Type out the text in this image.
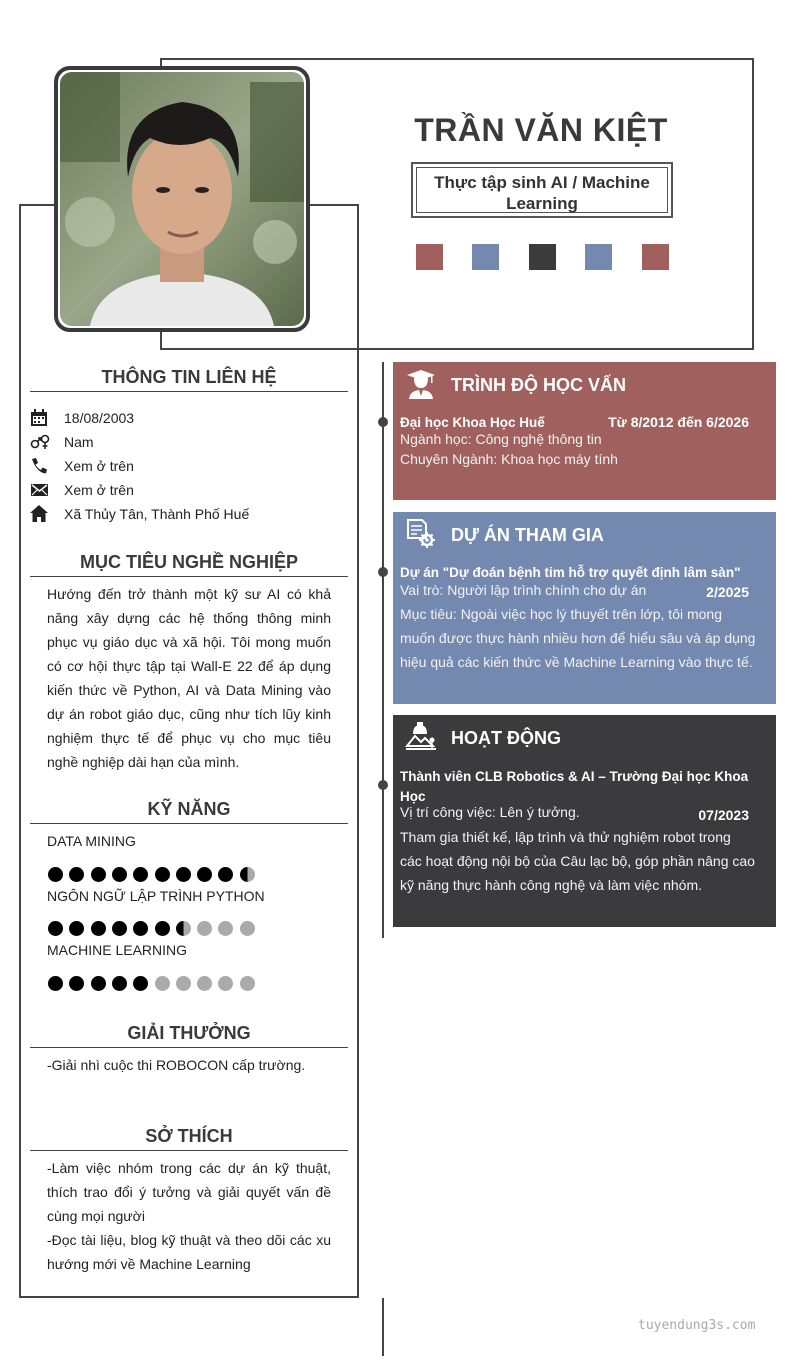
TRẦN VĂN KIỆT
Thực tập sinh AI / Machine Learning
THÔNG TIN LIÊN HỆ
18/08/2003
Nam
Xem ở trên
Xem ở trên
Xã Thủy Tân, Thành Phố Huế
MỤC TIÊU NGHỀ NGHIỆP
Hướng đến trở thành một kỹ sư AI có khả năng xây dựng các hệ thống thông minh phục vụ giáo dục và xã hội. Tôi mong muốn có cơ hội thực tập tại Wall-E 22 để áp dụng kiến thức về Python, AI và Data Mining vào dự án robot giáo dục, cũng như tích lũy kinh nghiệm thực tế để phục vụ cho mục tiêu nghề nghiệp dài hạn của mình.
KỸ NĂNG
DATA MINING
NGÔN NGỮ LẬP TRÌNH PYTHON
MACHINE LEARNING
GIẢI THƯỞNG
-Giải nhì cuộc thi ROBOCON cấp trường.
SỞ THÍCH
-Làm việc nhóm trong các dự án kỹ thuật, thích trao đổi ý tưởng và giải quyết vấn đề cùng mọi người
-Đọc tài liệu, blog kỹ thuật và theo dõi các xu hướng mới về Machine Learning
TRÌNH ĐỘ HỌC VẤN
Đại học Khoa Học Huế	Từ 8/2012 đến 6/2026
Ngành học: Công nghệ thông tin
Chuyên Ngành: Khoa học máy tính
DỰ ÁN THAM GIA
Dự án "Dự đoán bệnh tim hỗ trợ quyết định lâm sàn"
Vai trò: Người lập trình chính cho dự án	2/2025
Mục tiêu: Ngoài việc học lý thuyết trên lớp, tôi mong muốn được thực hành nhiều hơn để hiểu sâu và áp dụng hiệu quả các kiến thức về Machine Learning vào thực tế.
HOẠT ĐỘNG
Thành viên CLB Robotics & AI – Trường Đại học Khoa Học
Vị trí công việc: Lên ý tưởng.	07/2023
Tham gia thiết kế, lập trình và thử nghiệm robot trong các hoạt động nội bộ của Câu lạc bộ, góp phần nâng cao kỹ năng thực hành công nghệ và làm việc nhóm.
tuyendung3s.com
